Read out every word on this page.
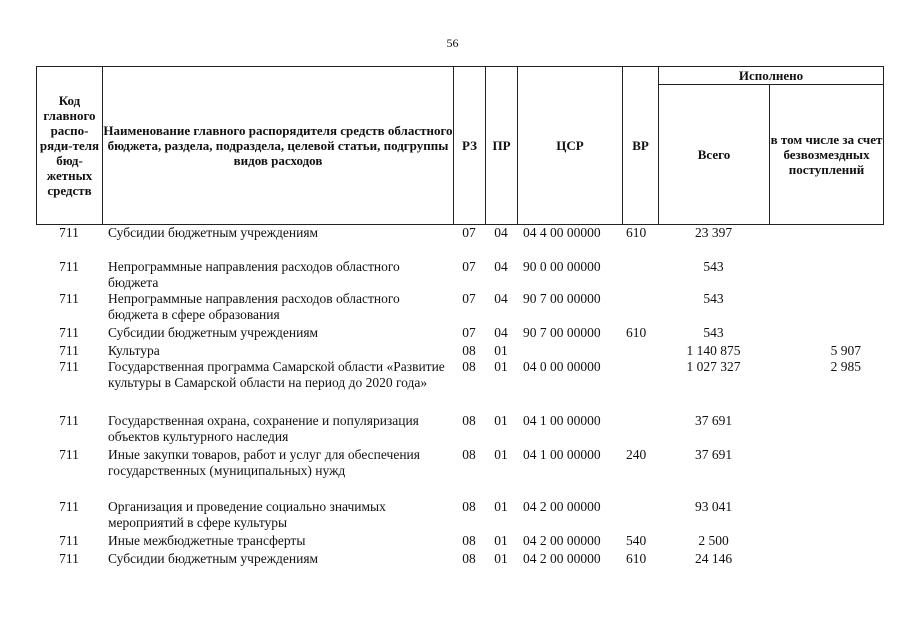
56
Код главного распо-ряди-теля бюд-жетных средств	Наименование главного распорядителя средств областного бюджета, раздела, подраздела, целевой статьи, подгруппы видов расходов	РЗ	ПР	ЦСР	ВР	Исполнено	
						Всего	в том числе за счет безвозмездных поступлений
711	Субсидии бюджетным учреждениям	07	04	04 4 00 00000	610	23 397	
711	Непрограммные направления расходов областного бюджета	07	04	90 0 00 00000		543	
711	Непрограммные направления расходов областного бюджета в сфере образования	07	04	90 7 00 00000		543	
711	Субсидии бюджетным учреждениям	07	04	90 7 00 00000	610	543	
711	Культура	08	01			1 140 875	5 907
711	Государственная программа Самарской области «Развитие культуры в Самарской области на период до 2020 года»	08	01	04 0 00 00000		1 027 327	2 985
711	Государственная охрана, сохранение и популяризация объектов культурного наследия	08	01	04 1 00 00000		37 691	
711	Иные закупки товаров, работ и услуг для обеспечения государственных (муниципальных) нужд	08	01	04 1 00 00000	240	37 691	
711	Организация и проведение социально значимых мероприятий в сфере культуры	08	01	04 2 00 00000		93 041	
711	Иные межбюджетные трансферты	08	01	04 2 00 00000	540	2 500	
711	Субсидии бюджетным учреждениям	08	01	04 2 00 00000	610	24 146	
